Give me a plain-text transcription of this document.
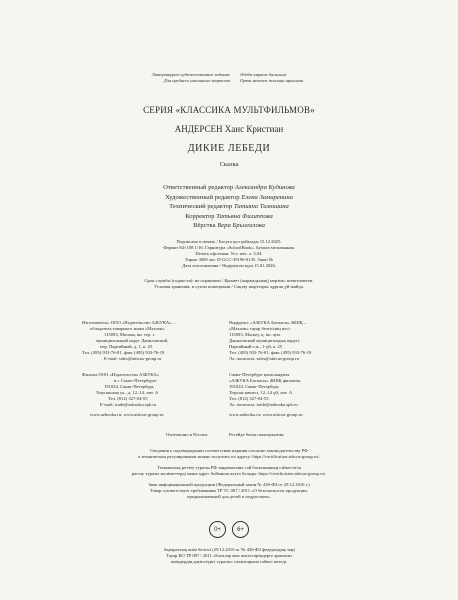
Литературно-художественное издание
Для среднего школьного возраста
Әдеби-көркем басылым
Орта мектеп жасына арналған
СЕРИЯ «КЛАССИКА МУЛЬТФИЛЬМОВ»
АНДЕРСЕН Ханс Кристиан
ДИКИЕ ЛЕБЕДИ
Сказка
Ответственный редактор Александра Кудинова
Художественный редактор Елена Замиренина
Технический редактор Татьяна Тимошина
Корректор Татьяна Филиппова
Вёрстка Вера Брызгалова
Подписано в печать / Басуға қол қойылды 15.12.2025.
Формат 84×108 1/16. Гарнитура «SchoolBook». Бумага мелованная.
Печать офсетная. Усл. печ. л. 5,04.
Тираж 3000 экз. D-GCC-39196-01-R. Заказ №
Дата изготовления / Өндірілген күні 15.01.2026.
Срок службы (годности): не ограничен / Қызмет (жарамдылық) мерзімі: шектелмеген.
Условия хранения: в сухом помещении / Сақтау шарттары: құрғақ үй-жайда.
Изготовитель: ООО «Издательство АЗБУКА» –
обладатель товарного знака «Махаон»
115093, Москва, вн. тер. г.
муниципальный округ Даниловский,
пер. Партийный, д. 1, к. 25
Тел. (495) 933-76-01, факс (495) 933-76-19
E-mail: sales@atticus-group.ru
Өндіруші: «АЗБУКА Баспасы» ЖШҚ –
«Махаон» тауар белгісінің иесі
115093, Мәскеу, қ. іш. аум.
Даниловский муниципалдық округі,
Партийный т.ж., 1-үй, к. 25
Тел. (495) 933-76-01, факс (495) 933-76-19
Эл. поштасы: sales@atticus-group.ru
Филиал ООО «Издательство АЗБУКА»
в г. Санкт-Петербурге
191024, Санкт-Петербург,
Херсонская ул., д. 12–14, лит. А
Тел. (812) 327-04-55
E-mail: trade@azbooka.spb.ru
www.azbooka.ru; www.atticus-group.ru
Санкт-Петербург қаласындағы
«АЗБУКА Баспасы» ЖШҚ филиалы
191024, Санкт-Петербург,
Херсон көшесі, 12–14 үй, лит. А
Тел. (812) 327-04-55
Эл. поштасы: trade@azbooka.spb.ru
www.azbooka.ru; www.atticus-group.ru
Отпечатано в России.	Ресейде басып шығарылған.
Сведения о подтверждении соответствия издания согласно законодательству РФ
о техническом регулировании можно получить по адресу: https://certification.atticus-group.ru/.
Техникалық реттеу туралы РФ заңнамасына сай басылымның сәйкестігін
растау туралы мәліметтерді мына адрес бойынша алуға болады: https://certification.atticus-group.ru/.
Знак информационной продукции (Федеральный закон № 436-ФЗ от 29.12.2010 г.)
Товар соответствует требованиям ТР ТС 007 / 2011 «О безопасности продукции,
предназначенной для детей и подростков».
0+	6+
Ақпараттық өнім белгісі (29.12.2010 ж. № 436-ФЗ федералдық заң)
Тауар КО ТР 007 / 2011 «Балалар мен жасөспірімдерге арналған
өнімдердің қауіпсіздігі туралы» талаптарына сәйкес келеді.
